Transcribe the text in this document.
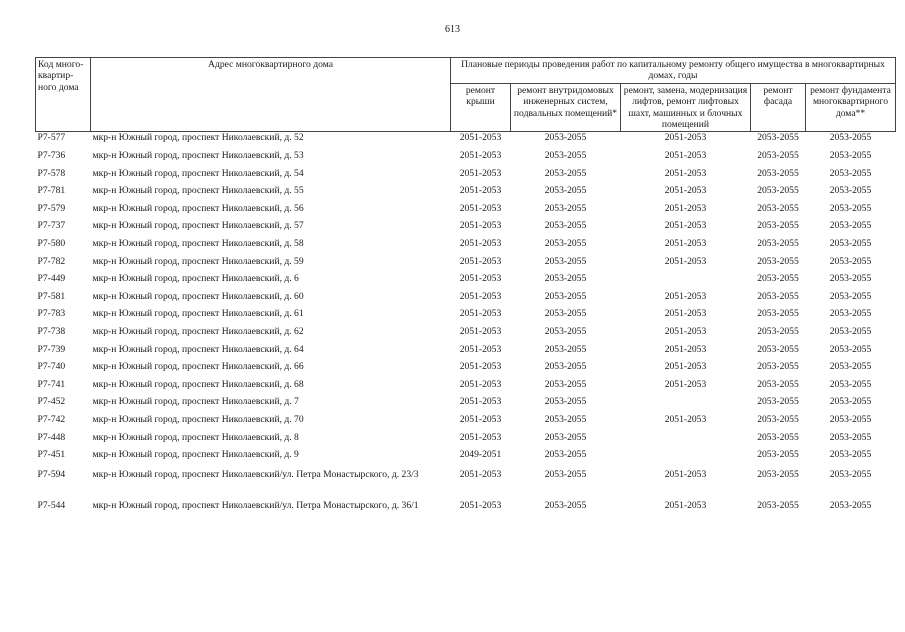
613
Код много-квартир-ного дома	Адрес многоквартирного дома	Плановые периоды проведения работ по капитальному ремонту общего имущества в многоквартирных домах, годы				
		ремонт крыши	ремонт внутридомовых инженерных систем, подвальных помещений*	ремонт, замена, модернизация лифтов, ремонт лифтовых шахт, машинных и блочных помещений	ремонт фасада	ремонт фундамента многоквартирного дома**
Р7-577	мкр-н Южный город, проспект Николаевский, д. 52	2051-2053	2053-2055	2051-2053	2053-2055	2053-2055
Р7-736	мкр-н Южный город, проспект Николаевский, д. 53	2051-2053	2053-2055	2051-2053	2053-2055	2053-2055
Р7-578	мкр-н Южный город, проспект Николаевский, д. 54	2051-2053	2053-2055	2051-2053	2053-2055	2053-2055
Р7-781	мкр-н Южный город, проспект Николаевский, д. 55	2051-2053	2053-2055	2051-2053	2053-2055	2053-2055
Р7-579	мкр-н Южный город, проспект Николаевский, д. 56	2051-2053	2053-2055	2051-2053	2053-2055	2053-2055
Р7-737	мкр-н Южный город, проспект Николаевский, д. 57	2051-2053	2053-2055	2051-2053	2053-2055	2053-2055
Р7-580	мкр-н Южный город, проспект Николаевский, д. 58	2051-2053	2053-2055	2051-2053	2053-2055	2053-2055
Р7-782	мкр-н Южный город, проспект Николаевский, д. 59	2051-2053	2053-2055	2051-2053	2053-2055	2053-2055
Р7-449	мкр-н Южный город, проспект Николаевский, д. 6	2051-2053	2053-2055		2053-2055	2053-2055
Р7-581	мкр-н Южный город, проспект Николаевский, д. 60	2051-2053	2053-2055	2051-2053	2053-2055	2053-2055
Р7-783	мкр-н Южный город, проспект Николаевский, д. 61	2051-2053	2053-2055	2051-2053	2053-2055	2053-2055
Р7-738	мкр-н Южный город, проспект Николаевский, д. 62	2051-2053	2053-2055	2051-2053	2053-2055	2053-2055
Р7-739	мкр-н Южный город, проспект Николаевский, д. 64	2051-2053	2053-2055	2051-2053	2053-2055	2053-2055
Р7-740	мкр-н Южный город, проспект Николаевский, д. 66	2051-2053	2053-2055	2051-2053	2053-2055	2053-2055
Р7-741	мкр-н Южный город, проспект Николаевский, д. 68	2051-2053	2053-2055	2051-2053	2053-2055	2053-2055
Р7-452	мкр-н Южный город, проспект Николаевский, д. 7	2051-2053	2053-2055		2053-2055	2053-2055
Р7-742	мкр-н Южный город, проспект Николаевский, д. 70	2051-2053	2053-2055	2051-2053	2053-2055	2053-2055
Р7-448	мкр-н Южный город, проспект Николаевский, д. 8	2051-2053	2053-2055		2053-2055	2053-2055
Р7-451	мкр-н Южный город, проспект Николаевский, д. 9	2049-2051	2053-2055		2053-2055	2053-2055
Р7-594	мкр-н Южный город, проспект Николаевский/ул. Петра Монастырского, д. 23/3	2051-2053	2053-2055	2051-2053	2053-2055	2053-2055
Р7-544	мкр-н Южный город, проспект Николаевский/ул. Петра Монастырского, д. 36/1	2051-2053	2053-2055	2051-2053	2053-2055	2053-2055
